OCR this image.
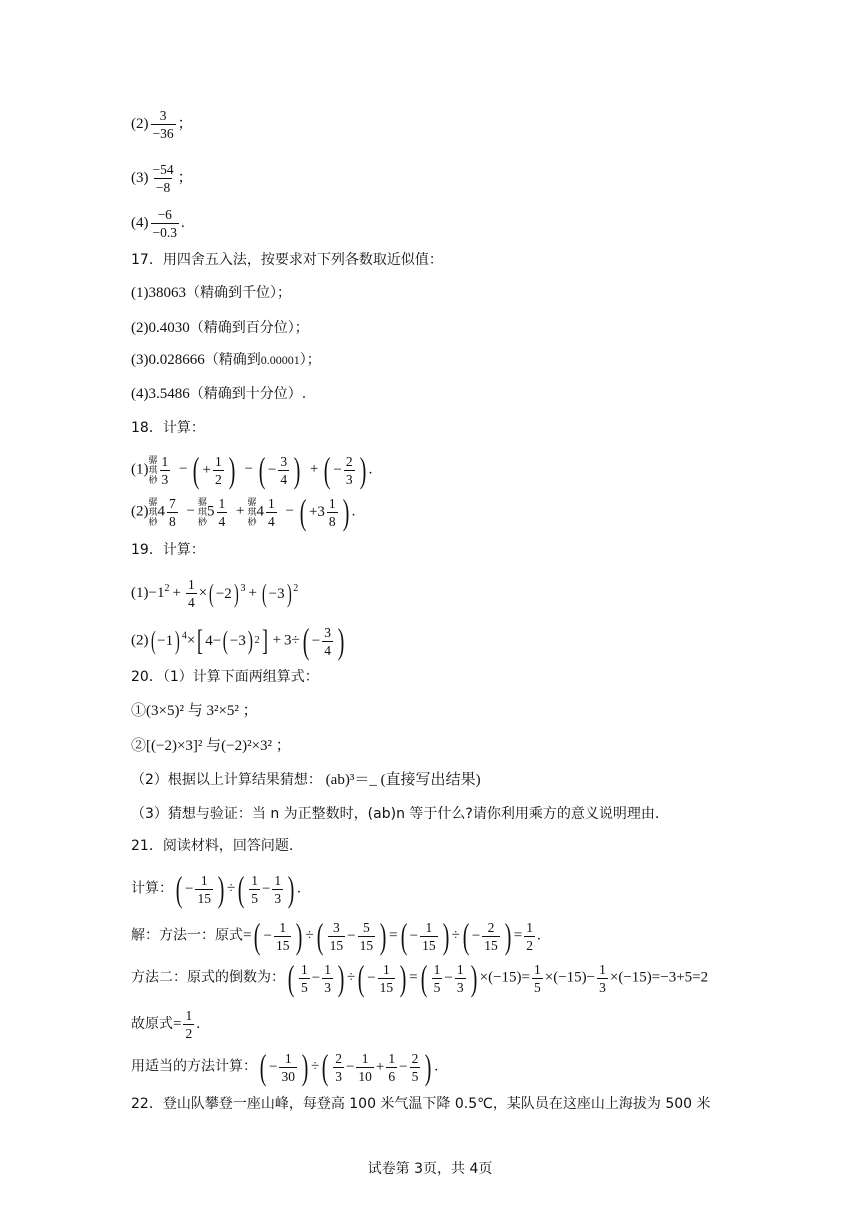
$(2) \frac{3}{-36}$ ；
$(3) \frac{-54}{-8}$ ；
$(4) \frac{-6}{-0.3}$ .
17．用四舍五入法，按要求对下列各数取近似值：
(1)38063（精确到千位）；
(2)0.4030（精确到百分位）；
(3)0.028666（精确到0.00001）；
(4)3.5486（精确到十分位）.
18．计算：
(1)
骣
琪
桫 $\frac{1}{3}$ − ( + $\frac{1}{2}$ ) − ( − $\frac{3}{4}$ ) + ( − $\frac{2}{3}$ ) .
(2)
骣
琪
桫
$4 \frac{7}{8}$ −
骣
琪
桫
$5 \frac{1}{4}$ +
骣
琪
桫
$4 \frac{1}{4}$ − ( + $3 \frac{1}{8}$ ) .
19．计算：
$(1)-1^2 + \frac{1}{4}$ × ( −2 ) $^3$ + ( −3 ) $^2$
(2) ( −1 ) $^4$× [ 4− ( −3 ) 2 ] + 3÷ ( − $\frac{3}{4}$ )
20．（1）计算下面两组算式：
①(3×5)² 与 3²×5² ；
②[(−2)×3]² 与(−2)²×3² ；
（2）根据以上计算结果猜想： (ab)³＝_ (直接写出结果)
（3）猜想与验证：当 n 为正整数时，(ab)n 等于什么?请你利用乘方的意义说明理由.
21．阅读材料，回答问题.
计算： ( − $\frac{1}{15}$ ) ÷ ( $\frac{1}{5} - \frac{1}{3}$ ) .
解：方法一：原式= ( − $\frac{1}{15}$ ) ÷ ( $\frac{3}{15} - \frac{5}{15}$ ) = ( − $\frac{1}{15}$ ) ÷ ( − $\frac{2}{15}$ ) = $\frac{1}{2}$ .
方法二：原式的倒数为： ( $\frac{1}{5} - \frac{1}{3}$ ) ÷ ( − $\frac{1}{15}$ ) = ( $\frac{1}{5} - \frac{1}{3}$ ) $\times(-15)= \frac{1}{5} \times(-15)- \frac{1}{3} \times(-15)=-3+5=2$
故原式= $\frac{1}{2}$ .
用适当的方法计算： ( − $\frac{1}{30}$ ) ÷ ( $\frac{2}{3} - \frac{1}{10} + \frac{1}{6} - \frac{2}{5}$ ) .
22．登山队攀登一座山峰，每登高 100 米气温下降 0.5℃，某队员在这座山上海拔为 500 米
试卷第 3页，共 4页
